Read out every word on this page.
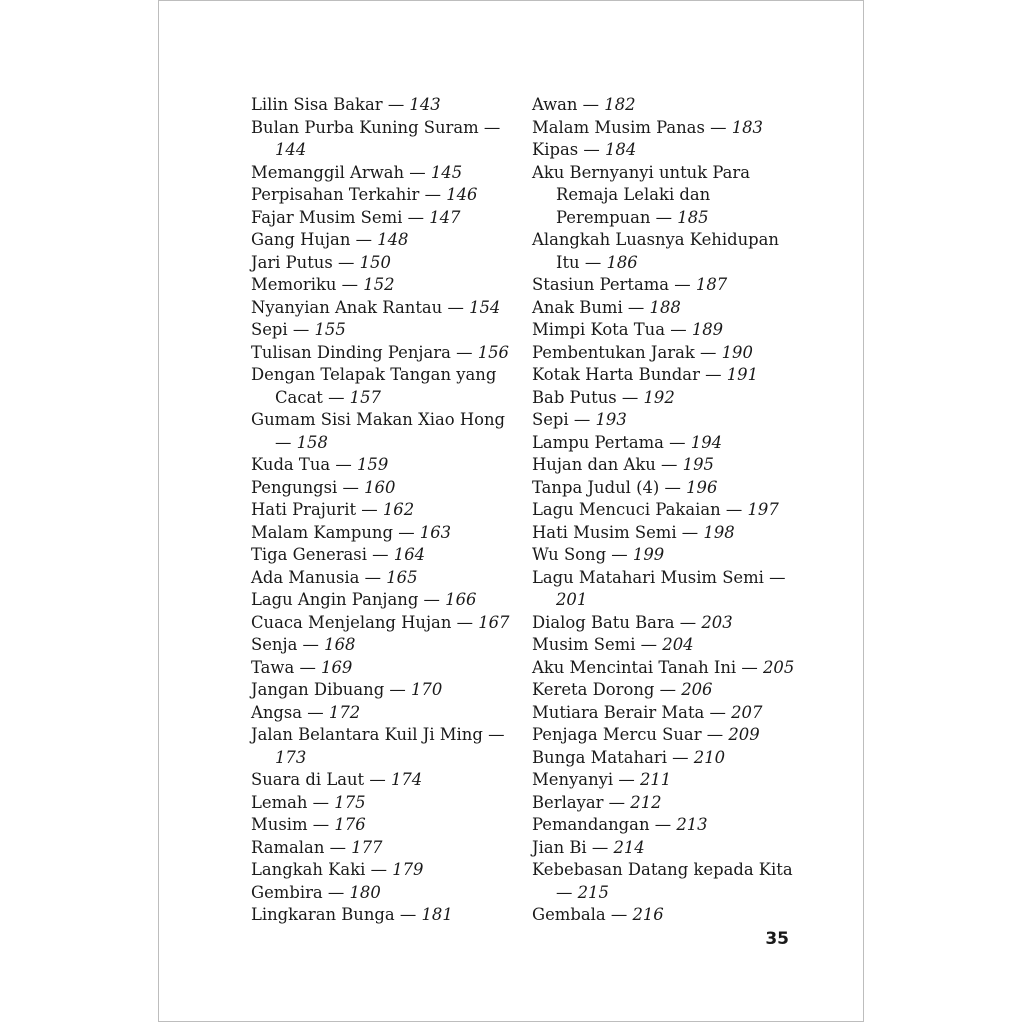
Lilin Sisa Bakar — 143
Bulan Purba Kuning Suram — 144
Memanggil Arwah — 145
Perpisahan Terkahir — 146
Fajar Musim Semi — 147
Gang Hujan — 148
Jari Putus — 150
Memoriku — 152
Nyanyian Anak Rantau — 154
Sepi — 155
Tulisan Dinding Penjara — 156
Dengan Telapak Tangan yang Cacat — 157
Gumam Sisi Makan Xiao Hong — 158
Kuda Tua — 159
Pengungsi — 160
Hati Prajurit — 162
Malam Kampung — 163
Tiga Generasi — 164
Ada Manusia — 165
Lagu Angin Panjang — 166
Cuaca Menjelang Hujan — 167
Senja — 168
Tawa — 169
Jangan Dibuang — 170
Angsa — 172
Jalan Belantara Kuil Ji Ming — 173
Suara di Laut — 174
Lemah — 175
Musim — 176
Ramalan — 177
Langkah Kaki — 179
Gembira — 180
Lingkaran Bunga — 181
Awan — 182
Malam Musim Panas — 183
Kipas — 184
Aku Bernyanyi untuk Para Remaja Lelaki dan Perempuan — 185
Alangkah Luasnya Kehidupan Itu — 186
Stasiun Pertama — 187
Anak Bumi — 188
Mimpi Kota Tua — 189
Pembentukan Jarak — 190
Kotak Harta Bundar — 191
Bab Putus — 192
Sepi — 193
Lampu Pertama — 194
Hujan dan Aku — 195
Tanpa Judul (4) — 196
Lagu Mencuci Pakaian — 197
Hati Musim Semi — 198
Wu Song — 199
Lagu Matahari Musim Semi — 201
Dialog Batu Bara — 203
Musim Semi — 204
Aku Mencintai Tanah Ini — 205
Kereta Dorong — 206
Mutiara Berair Mata — 207
Penjaga Mercu Suar — 209
Bunga Matahari — 210
Menyanyi — 211
Berlayar — 212
Pemandangan — 213
Jian Bi — 214
Kebebasan Datang kepada Kita — 215
Gembala — 216
35
